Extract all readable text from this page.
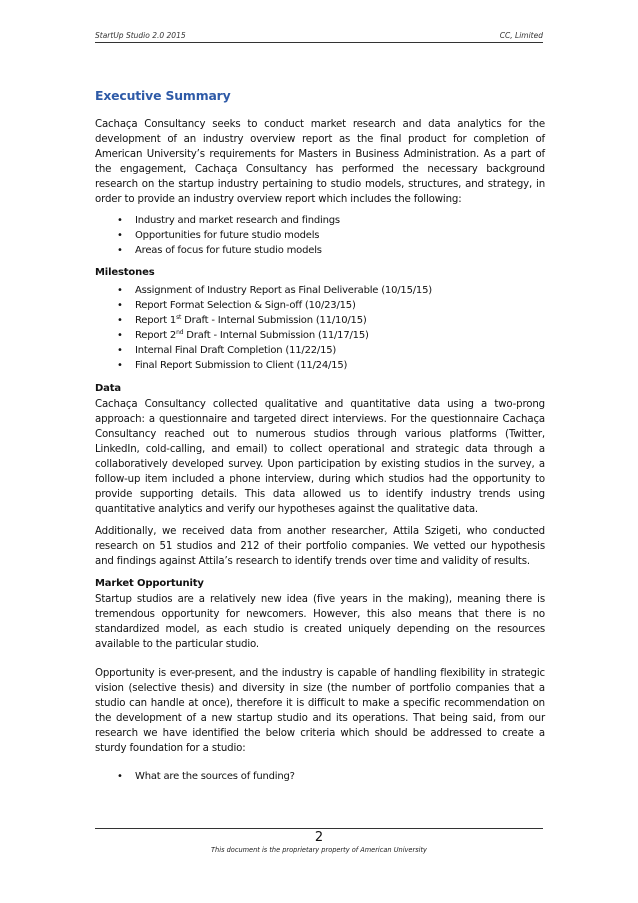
StartUp Studio 2.0 2015	CC, Limited
Executive Summary

Cachaça Consultancy seeks to conduct market research and data analytics for the development of an industry overview report as the final product for completion of American University’s requirements for Masters in Business Administration. As a part of the engagement, Cachaça Consultancy has performed the necessary background research on the startup industry pertaining to studio models, structures, and strategy, in order to provide an industry overview report which includes the following:

• Industry and market research and findings
• Opportunities for future studio models
• Areas of focus for future studio models

Milestones

• Assignment of Industry Report as Final Deliverable (10/15/15)
• Report Format Selection & Sign-off (10/23/15)
• Report 1st Draft - Internal Submission (11/10/15)
• Report 2nd Draft - Internal Submission (11/17/15)
• Internal Final Draft Completion (11/22/15)
• Final Report Submission to Client (11/24/15)

Data

Cachaça Consultancy collected qualitative and quantitative data using a two-prong approach: a questionnaire and targeted direct interviews. For the questionnaire Cachaça Consultancy reached out to numerous studios through various platforms (Twitter, LinkedIn, cold-calling, and email) to collect operational and strategic data through a collaboratively developed survey. Upon participation by existing studios in the survey, a follow-up item included a phone interview, during which studios had the opportunity to provide supporting details. This data allowed us to identify industry trends using quantitative analytics and verify our hypotheses against the qualitative data.

Additionally, we received data from another researcher, Attila Szigeti, who conducted research on 51 studios and 212 of their portfolio companies. We vetted our hypothesis and findings against Attila’s research to identify trends over time and validity of results.

Market Opportunity

Startup studios are a relatively new idea (five years in the making), meaning there is tremendous opportunity for newcomers. However, this also means that there is no standardized model, as each studio is created uniquely depending on the resources available to the particular studio.

Opportunity is ever-present, and the industry is capable of handling flexibility in strategic vision (selective thesis) and diversity in size (the number of portfolio companies that a studio can handle at once), therefore it is difficult to make a specific recommendation on the development of a new startup studio and its operations. That being said, from our research we have identified the below criteria which should be addressed to create a sturdy foundation for a studio:

• What are the sources of funding?
2
This document is the proprietary property of American University
